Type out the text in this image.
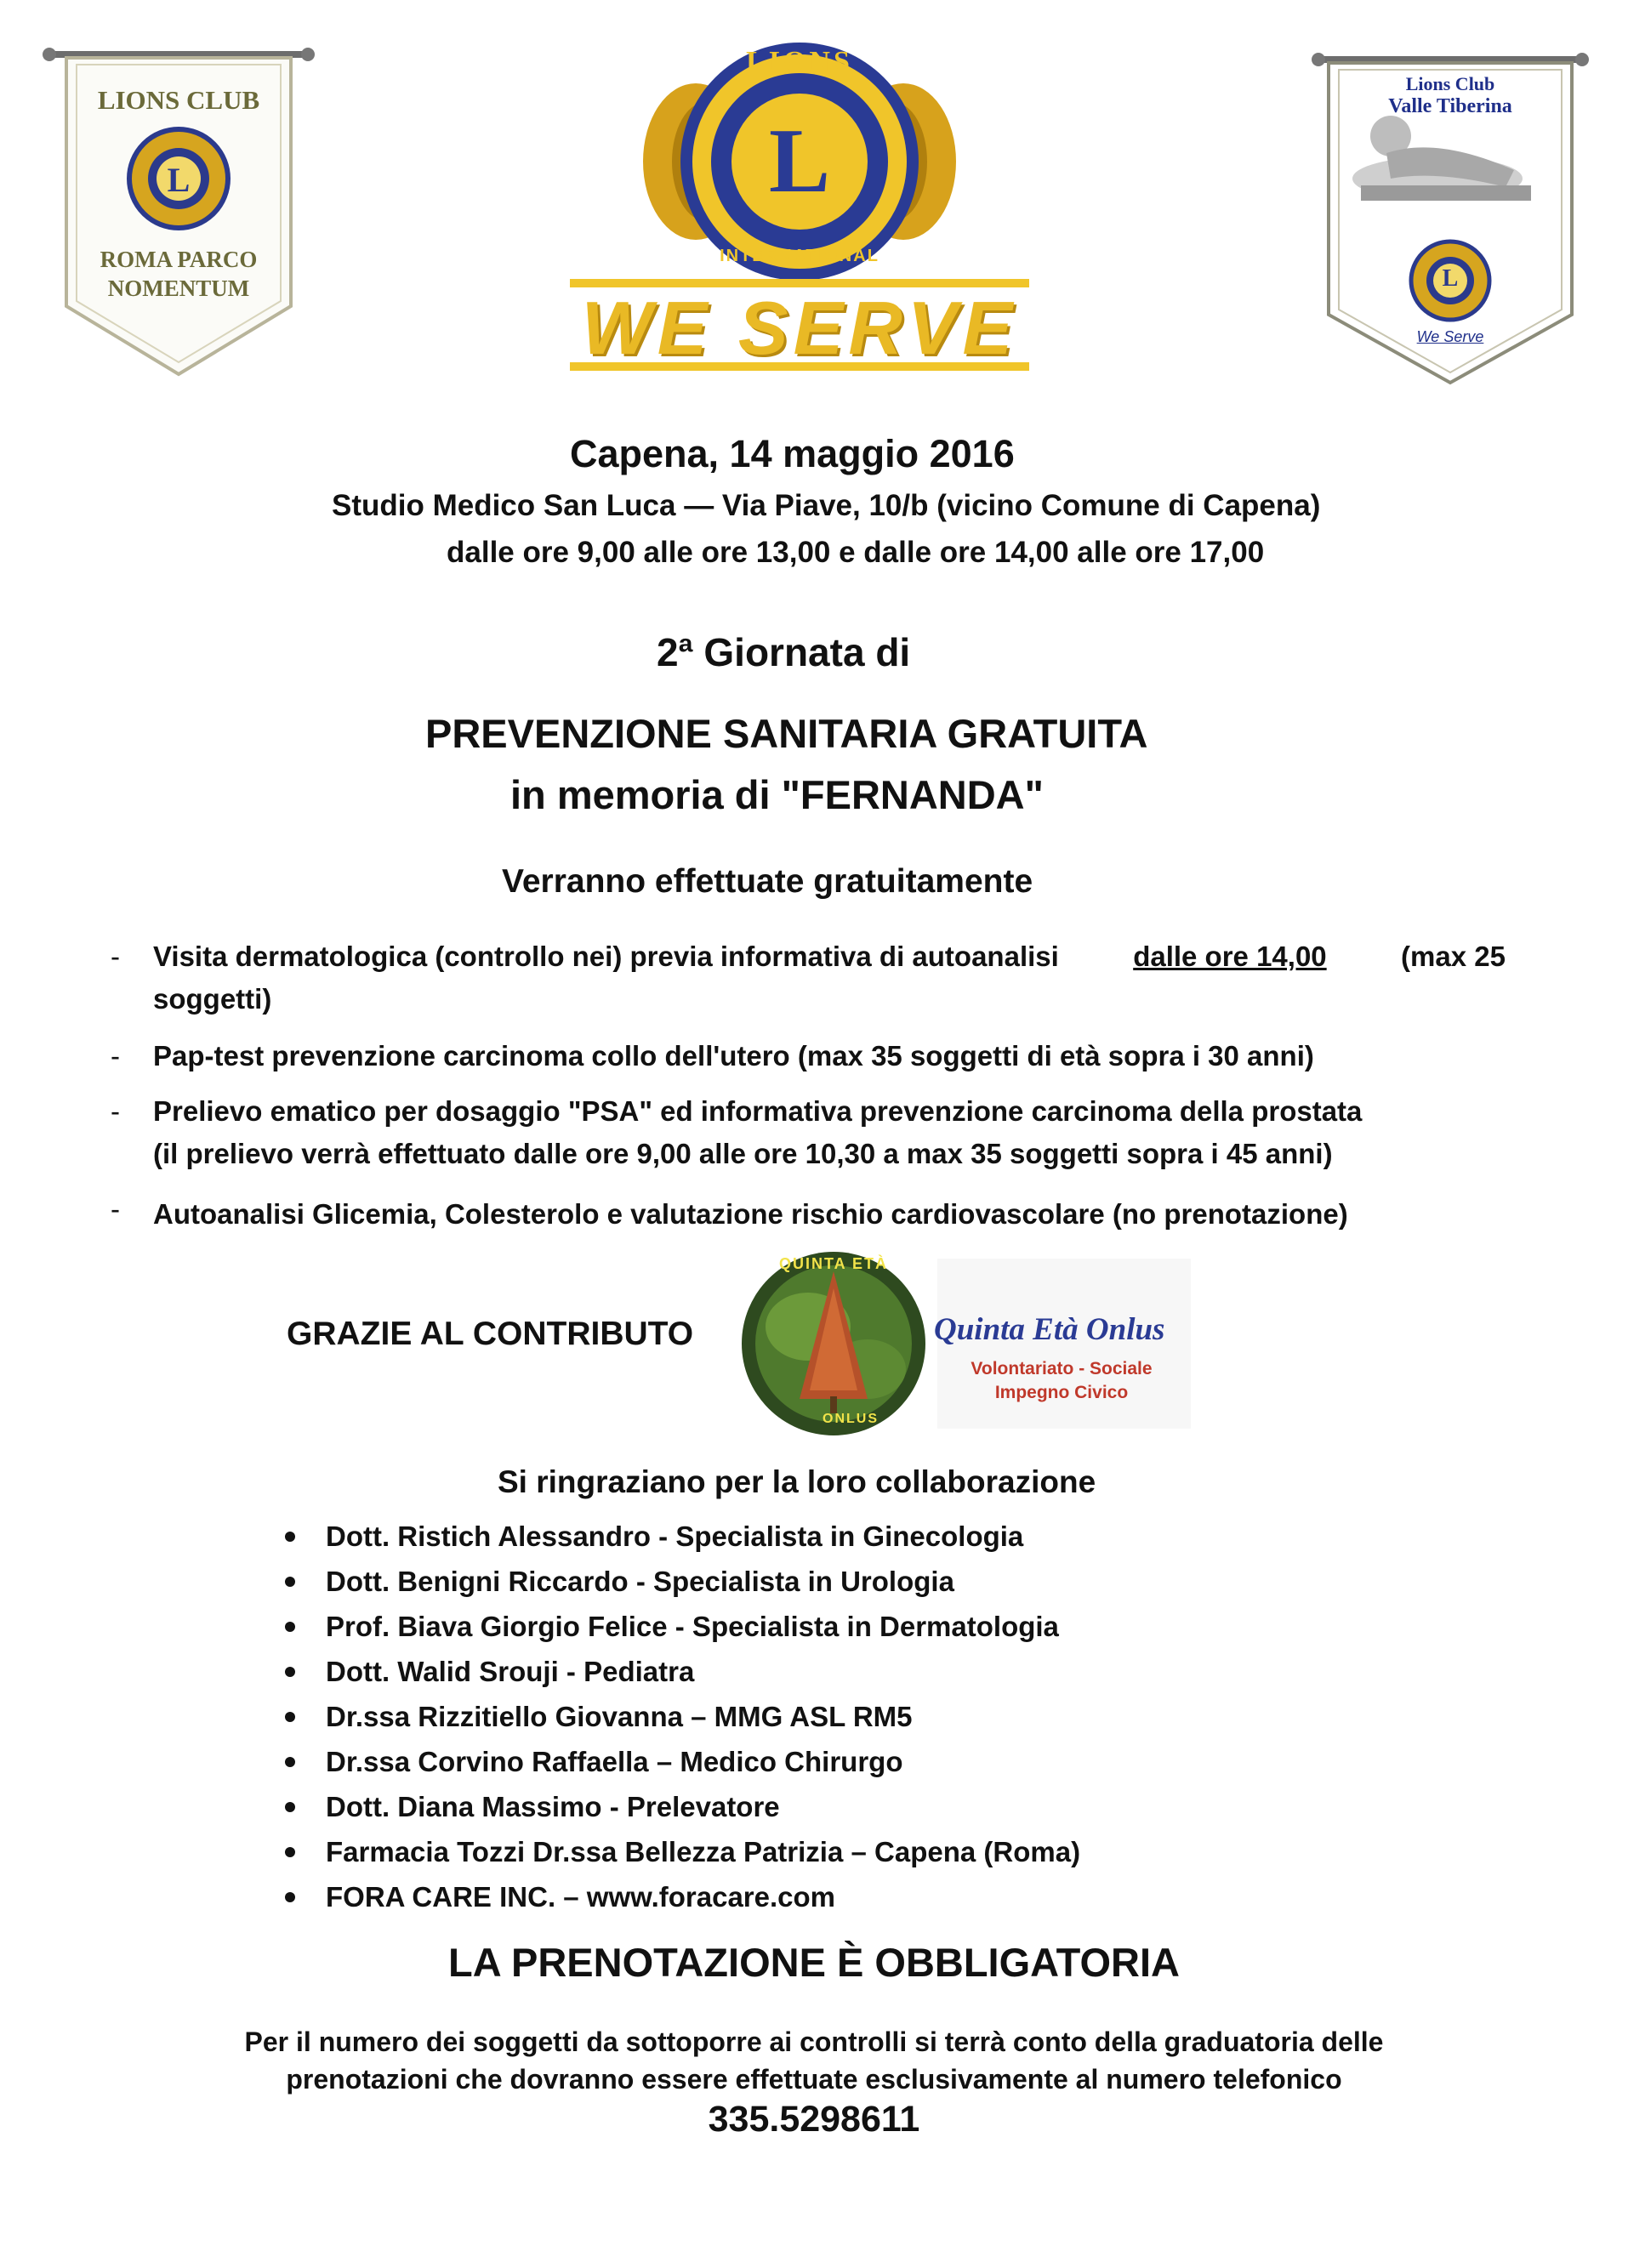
LIONS CLUB
L
ROMA PARCO
NOMENTUM
L
LIONS
INTERNATIONAL
WE SERVE
Lions Club
Valle Tiberina
L
We Serve
Capena, 14 maggio 2016
Studio Medico San Luca — Via Piave, 10/b (vicino Comune di Capena)
dalle ore 9,00 alle ore 13,00 e dalle ore 14,00 alle ore 17,00
2ª Giornata di
PREVENZIONE SANITARIA GRATUITA
in memoria di "FERNANDA"
Verranno effettuate gratuitamente
- Visita dermatologica (controllo nei) previa informativa di autoanalisi dalle ore 14,00 (max 25
soggetti)
- Pap-test prevenzione carcinoma collo dell'utero (max 35 soggetti di età sopra i 30 anni)
- Prelievo ematico per dosaggio "PSA" ed informativa prevenzione carcinoma della prostata
(il prelievo verrà effettuato dalle ore 9,00 alle ore 10,30 a max 35 soggetti sopra i 45 anni)
- Autoanalisi Glicemia, Colesterolo e valutazione rischio cardiovascolare (no prenotazione)
GRAZIE AL CONTRIBUTO
QUINTA ETÀ
ONLUS
Quinta Età Onlus
Volontariato - Sociale
Impegno Civico
Si ringraziano per la loro collaborazione
Dott. Ristich Alessandro - Specialista in Ginecologia
Dott. Benigni Riccardo - Specialista in Urologia
Prof. Biava Giorgio Felice - Specialista in Dermatologia
Dott. Walid Srouji - Pediatra
Dr.ssa Rizzitiello Giovanna – MMG ASL RM5
Dr.ssa Corvino Raffaella – Medico Chirurgo
Dott. Diana Massimo - Prelevatore
Farmacia Tozzi Dr.ssa Bellezza Patrizia – Capena (Roma)
FORA CARE INC. – www.foracare.com
LA PRENOTAZIONE È OBBLIGATORIA
Per il numero dei soggetti da sottoporre ai controlli si terrà conto della graduatoria delle
prenotazioni che dovranno essere effettuate esclusivamente al numero telefonico
335.5298611
